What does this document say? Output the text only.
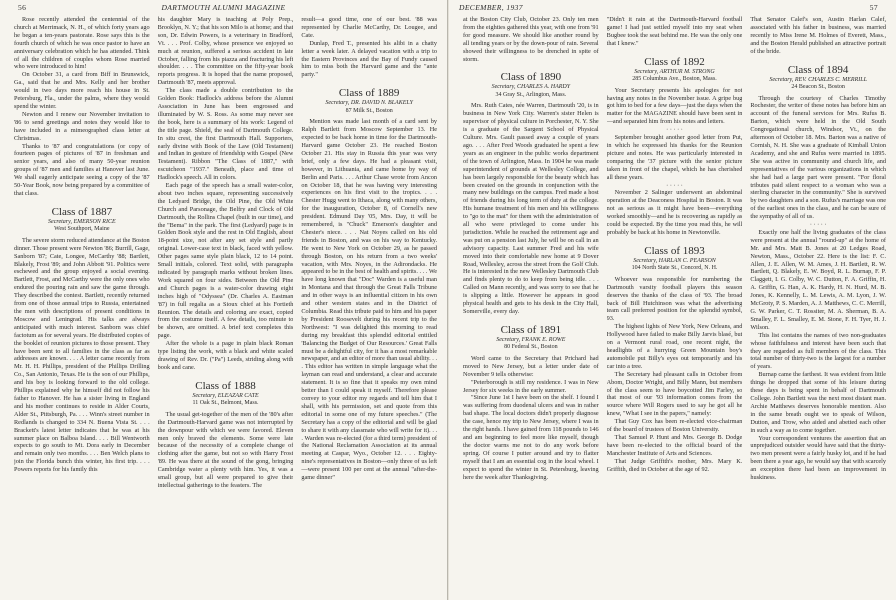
56	DARTMOUTH ALUMNI MAGAZINE

Rose recently attended the centennial of the church at Merrimack, N. H., of which forty years ago he began a ten-years pastorate. Rose says this is the fourth church of which he was once pastor to have an anniversary celebration which he has attended. Think of all the children of couples whom Rose married who were introduced to him!

On October 31, a card from Biff in Brunswick, Ga., said that he and Mrs. Kelly and her brother would in two days more reach his house in St. Petersburg, Fla., under the palms, where they would spend the winter.

Newton and I renew our November invitation to '86 to send greetings and notes they would like to have included in a mimeographed class letter at Christmas.

Thanks to '87 and congratulations (or copy of fourteen pages of pictures of '87 in freshman and senior years, and also of many 50-year reunion groups of '87 men and families at Hanover last June. We shall eagerly anticipate seeing a copy of the '87 50-Year Book, now being prepared by a committee of that class.

Class of 1887
Secretary, EMERSON RICE
West Southport, Maine

The severe storm reduced attendance at the Boston dinner. Those present were Newton '86; Burrill, Gage, Sanborn '87; Cate, Longee, McCarthy '88; Bartlett, Blakely, Frost '89; and John Abbott '91. Politics were eschewed and the group enjoyed a social evening. Bartlett, Frost, and McCarthy were the only ones who endured the pouring rain and saw the game through. They described the contest. Bartlett, recently returned from one of those annual trips to Russia, entertained the men with descriptions of present conditions in Moscow and Leningrad. His talks are always anticipated with much interest. Sanborn was chief factotum as for several years. He distributed copies of the booklet of reunion pictures to those present. They have been sent to all families in the class as far as addresses are known. . . . A letter came recently from Mr. H. H. Phillips, president of the Phillips Drilling Co., San Antonio, Texas. He is the son of our Phillips, and his boy is looking forward to the old college. Phillips explained why he himself did not follow his father to Hanover. He has a sister living in England and his mother continues to reside in Alder Courts, Alder St., Pittsburgh, Pa. . . . Winn's street number in Redlands is changed to 334 N. Buena Vista St. . . . Brackett's latest letter indicates that he was at his summer place on Balboa Island. . . . Bill Wentworth expects to go south to Mt. Dora early in December and remain only two months. . . . Ben Welch plans to join the Florida bunch this winter, his first trip. . . . Powers reports for his family this

his daughter Mary is teaching at Poly Prep., Brooklyn, N. Y.; that his son Milo is at home; and that son, Dr. Edwin Powers, is a veterinary in Bradford, Vt. . . . Prof. Colby, whose presence we enjoyed so much at reunion, suffered a serious accident in late October, falling from his piazza and fracturing his left shoulder. . . . The committee on the fifty-year book reports progress. It is hoped that the name proposed, Dartmouth '87, meets approval.

The class made a double contribution to the Golden Book: Hadlock's address before the Alumni Association in June has been engrossed and illuminated by W. S. Ross. As some may never see the book, here is a summary of his work: Legend of the title page. Shield, the seal of Dartmouth College. In situ crest, the first Dartmouth Hall. Supporters, early divine with Book of the Law (Old Testament) and Indian in gesture of friendship with Gospel (New Testament). Ribbon "The Class of 1887," with escutcheon "1937." Beneath, place and time of Hadlock's speech. All in colors.

Each page of the speech has a small water-color, about two inches square, representing successively the Ledyard Bridge, the Old Pine, the Old White Church and Parsonage, the Belfry and Clock of Old Dartmouth, the Rollins Chapel (built in our time), and the "Bema" in the park. The first (Ledyard) page is in Golden Book style and the rest in Old English, about 18-point size, not after any set style and partly original. Lower-case text in black, faced with yellow. Other pages same style plain black, 12 to 14 point. Small initials, colored. Text solid, with paragraphs indicated by paragraph marks without broken lines. Work squared on four sides. Between the Old Pine and Church pages is a water-color drawing eight inches high of "Odyssea" (Dr. Charles A. Eastman '87) in full regalia as a Sioux chief at his Fortieth Reunion. The details and coloring are exact, copied from the costume itself. A few details, too minute to be shown, are omitted. A brief text completes this page.

After the whole is a page in plain black Roman type listing the work, with a black and white scaled drawing of Rev. Dr. ("Pa") Leeds, striding along with book and cane.

Class of 1888
Secretary, ELEAZAR CATE
11 Oak St., Belmont, Mass.

The usual get-together of the men of the '80's after the Dartmouth-Harvard game was not interrupted by the downpour with which we were favored. Eleven men only braved the elements. Some were late because of the necessity of a complete change of clothing after the game, but not so with Harry Frost '89. He was there at the sound of the gong, bringing Cambridge water a plenty with him. Yes, it was a small group, but all were prepared to give their intellectual gatherings to the feasters. The

result—a good time, one of our best. '88 was represented by Charlie McCarthy, Dr. Lougee, and Cate.

Dunlap, Fred T., presented his alibi in a chatty letter a week later. A delayed vacation with a trip to the Eastern Provinces and the Bay of Fundy caused him to miss both the Harvard game and the "ante party."

Class of 1889
Secretary, DR. DAVID N. BLAKELY
87 Milk St., Boston

Mention was made last month of a card sent by Ralph Bartlett from Moscow September 13. He expected to be back home in time for the Dartmouth-Harvard game October 23. He reached Boston October 21. His stay in Russia this year was very brief, only a few days. He had a pleasant visit, however, in Lithuania, and came home by way of Berlin and Paris. . . . Arthur Chase wrote from Ancon on October 18, that he was having very interesting experiences on his first visit to the tropics. . . . Chester Hugg went to Ithaca, along with many others, for the inauguration, October 8, of Cornell's new president. Edmund Day '05, Mrs. Day, it will be remembered, is "Chuck" Emerson's daughter and Chester's niece. . . . Nat Noyes called on his old friends in Boston, and was on his way to Kentucky. He went to New York on October 29, as he passed through Boston, on his return from a two weeks' vacation, with Mrs. Noyes, in the Adirondacks. He appeared to be in the best of health and spirits. . . . We have long known that "Doc" Warden is a useful man in Montana and that through the Great Falls Tribune and in other ways is an influential citizen in his own and other western states and in the District of Columbia. Read this tribute paid to him and his paper by President Roosevelt during his recent trip to the Northwest: "I was delighted this morning to read during my breakfast this splendid editorial entitled 'Balancing the Budget of Our Resources.' Great Falls must be a delightful city, for it has a most remarkable newspaper, and an editor of more than usual ability. . . . This editor has written in simple language what the layman can read and understand, a clear and accurate statement. It is so fine that it speaks my own mind better than I could speak it myself. Therefore please convey to your editor my regards and tell him that I shall, with his permission, set and quote from this editorial in some one of my future speeches." (The Secretary has a copy of the editorial and will be glad to share it with any classmate who will write for it). . . . Warden was re-elected (for a third term) president of the National Reclamation Association at its annual meeting at Caspar, Wyo., October 12. . . . Eighty-nine's representatives in Boston—only three of us left—were present 100 per cent at the annual "after-the-game dinner"

DECEMBER, 1937	57

at the Boston City Club, October 23. Only ten men from the eighties gathered this year, with one from '91 for good measure. We should like another round by all tending years or by the down-pour of rain. Several showed their willingness to be drenched in spite of storm.

Class of 1890
Secretary, CHARLES A. HARDY
34 Gray St., Arlington, Mass.

Mrs. Ruth Cates, née Warren, Dartmouth '20, is in business in New York City. Warren's sister Helen is supervisor of physical culture in Porchester, N. Y. She is a graduate of the Sargent School of Physical Culture. Mrs. Gault passed away a couple of years ago. . . . After Fred Woods graduated he spent a few years as an engineer in the public works department of the town of Arlington, Mass. In 1904 he was made superintendent of grounds at Wellesley College, and has been largely responsible for the beauty which has been created on the grounds in conjunction with the many new buildings on the campus. Fred made a host of friends during his long term of duty at the college. His humane treatment of his men and his willingness to "go to the mat" for them with the administration of all who were privileged to come under his jurisdiction. While he reached the retirement age and was put on a pension last July, he will be on call in an advisory capacity. Last summer Fred and his wife moved into their comfortable new home at 9 Dover Road, Wellesley, across the street from the Golf Club. He is interested in the new Wellesley Dartmouth Club and finds plenty to do to keep from being idle. . . . Called on Mann recently, and was sorry to see that he is slipping a little. However he appears in good physical health and gets to his desk in the City Hall, Somerville, every day.

Class of 1891
Secretary, FRANK E. ROWE
80 Federal St., Boston

Word came to the Secretary that Prichard had moved to New Jersey, but a letter under date of November 9 tells otherwise:

"Peterborough is still my residence. I was in New Jersey for six weeks in the early summer.

"Since June 1st I have been on the shelf. I found I was suffering from duodenal ulcers and was in rather bad shape. The local doctors didn't properly diagnose the case, hence my trip to New Jersey, where I was in the right hands. I have gained from 118 pounds to 146 and am beginning to feel more like myself, though the doctor warns me not to do any work before spring. Of course I putter around and try to flatter myself that I am an essential cog in the local wheel. I expect to spend the winter in St. Petersburg, leaving here the week after Thanksgiving.

"Didn't it rain at the Dartmouth-Harvard football game! I had just settled myself into my seat when Bugbee took the seat behind me. He was the only one that I knew."

Class of 1892
Secretary, ARTHUR M. STRONG
285 Columbus Ave., Boston, Mass.

Your Secretary presents his apologies for not having any notes in the November issue. A gripe bug got him to bed for a few days—just the days when the matter for the MAGAZINE should have been sent in—and separated him from his notes and letters.

· · · · ·

September brought another good letter from Put, in which he expressed his thanks for the Reunion picture and notes. He was particularly interested in comparing the '37 picture with the senior picture taken in front of the chapel, which he has cherished all these years.

· · · · ·

November 2 Salinger underwent an abdominal operation at the Deaconess Hospital in Boston. It was not as serious as it might have been—everything worked smoothly—and he is recovering as rapidly as could be expected. By the time you read this, he will probably be back at his home in Newtonville.

Class of 1893
Secretary, HARLAN C. PEARSON
104 North State St., Concord, N. H.

Whoever was responsible for numbering the Dartmouth varsity football players this season deserves the thanks of the class of '93. The broad back of Bill Hutchinson was what the advertising team call preferred position for the splendid symbol, 93.

The highest lights of New York, New Orleans, and Hollywood have failed to make Billy Jarvis blasé, but on a Vermont rural road, one recent night, the headlights of a hurrying Green Mountain boy's automobile put Billy's eyes out temporarily and his car into a tree.

The Secretary had pleasant calls in October from Abom, Doctor Wright, and Billy Mann, but members of the class seem to have boycotted Jim Farley, so that most of our '93 information comes from the source where Will Rogers used to say he got all he knew, "What I see in the papers," namely:

That Guy Cox has been re-elected vice-chairman of the board of trustees of Boston University.

That Samuel P. Hunt and Mrs. George B. Dodge have been re-elected to the official board of the Manchester Institute of Arts and Sciences.

That Judge Griffith's mother, Mrs. Mary K. Griffith, died in October at the age of 92.

That Senator Calef's son, Austin Harlan Calef, associated with his father in business, was married recently to Miss Irene M. Holmes of Everett, Mass., and the Boston Herald published an attractive portrait of the bride.

Class of 1894
Secretary, REV. CHARLES C. MERRILL
24 Beacon St., Boston

Through the courtesy of Charles Timothy Rochester, the writer of these notes has before him an account of the funeral services for Mrs. Rufus B. Barton, which were held in the Old South Congregational church, Windsor, Vt., on the afternoon of October 18. Mrs. Barton was a native of Cornish, N. H. She was a graduate of Kimball Union Academy, and she and Rufus were married in 1895. She was active in community and church life, and representatives of the various organizations in which she had had a large part were present. "For floral tributes paid silent respect to a woman who was a sterling character in the community." She is survived by two daughters and a son. Rufus's marriage was one of the earliest ones in the class, and he can be sure of the sympathy of all of us.

· · · · ·

Exactly one half the living graduates of the class were present at the annual "round-up" at the home of Mr. and Mrs. Matt B. Jones at 20 Ledges Road, Newton, Mass., October 22. Here is the list: F. C. Allen, J. E. Allen, W. M. Ames, J. H. Bartlett, R. W. Bartlett, Q. Blakely, E. W. Boyd, R. L. Burnap, F. P. Claggett, I. G. Colby, W. C. Dutton, F. A. Griffin, H. A. Griffin, G. Han, A. K. Hardy, H. N. Hurd, M. B. Jones, K. Kennelly, L. M. Lewis, A. M. Lyon, J. W. McGroty, P. S. Marden, A. J. Matthews, C. C. Merrill, G. W. Parker, C. T. Rossiter, M. A. Sherman, B. A. Smalley, F. L. Smalley, E. M. Stone, F. H. Tyer, H. J. Wilson.

This list contains the names of two non-graduates whose faithfulness and interest have been such that they are regarded as full members of the class. This total number of thirty-two is the largest for a number of years.

Burnap came the farthest. It was evident from little things he dropped that some of his leisure during these days is being spent in behalf of Dartmouth College. John Bartlett was the next most distant man. Archie Matthews deserves honorable mention. Also in the same breath ought we to speak of Wilson, Dutton, and Trow, who aided and abetted each other in such a way as to come together.

Your correspondent ventures the assertion that an unprejudiced outsider would have said that the thirty-two men present were a fairly husky lot, and if he had been there a year ago, he would say that with scarcely an exception there had been an improvement in huskiness.
